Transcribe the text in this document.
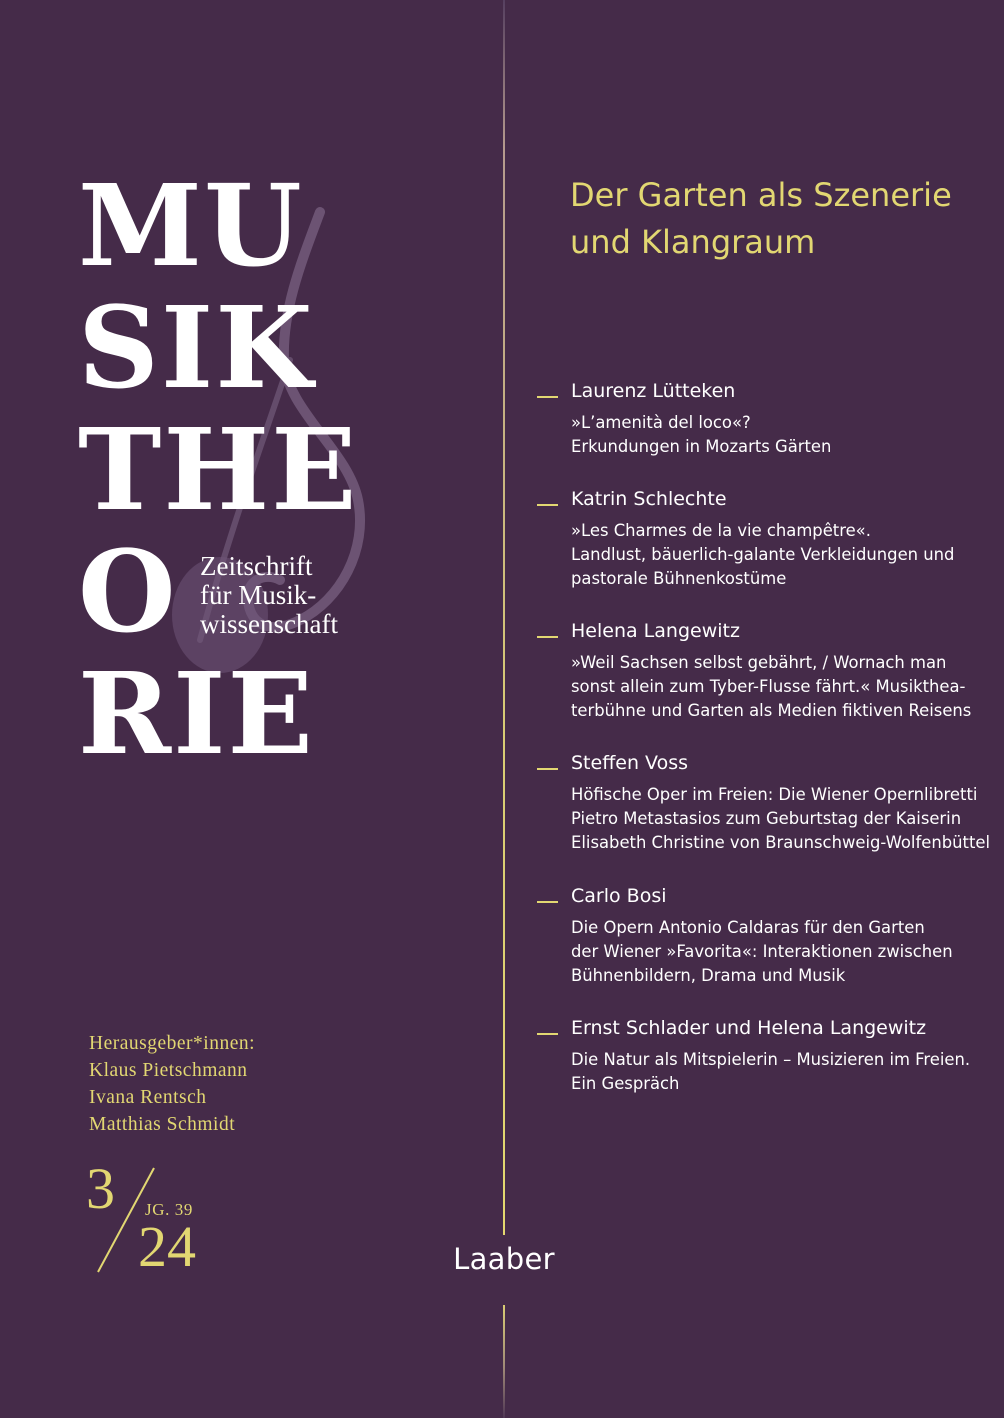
MU
SIK
THE
O
RIE
Zeitschrift
für Musik-
wissenschaft
Herausgeber*innen:
Klaus Pietschmann
Ivana Rentsch
Matthias Schmidt
3 JG. 39
24	Laaber
Der Garten als Szenerie
und Klangraum
Laurenz Lütteken
»L’amenità del loco«?
Erkundungen in Mozarts Gärten
Katrin Schlechte
»Les Charmes de la vie champêtre«.
Landlust, bäuerlich-galante Verkleidungen und
pastorale Bühnenkostüme
Helena Langewitz
»Weil Sachsen selbst gebährt, / Wornach man
sonst allein zum Tyber-Flusse fährt.« Musikthea-
terbühne und Garten als Medien fiktiven Reisens
Steffen Voss
Höfische Oper im Freien: Die Wiener Opernlibretti
Pietro Metastasios zum Geburtstag der Kaiserin
Elisabeth Christine von Braunschweig-Wolfenbüttel
Carlo Bosi
Die Opern Antonio Caldaras für den Garten
der Wiener »Favorita«: Interaktionen zwischen
Bühnenbildern, Drama und Musik
Ernst Schlader und Helena Langewitz
Die Natur als Mitspielerin – Musizieren im Freien.
Ein Gespräch
